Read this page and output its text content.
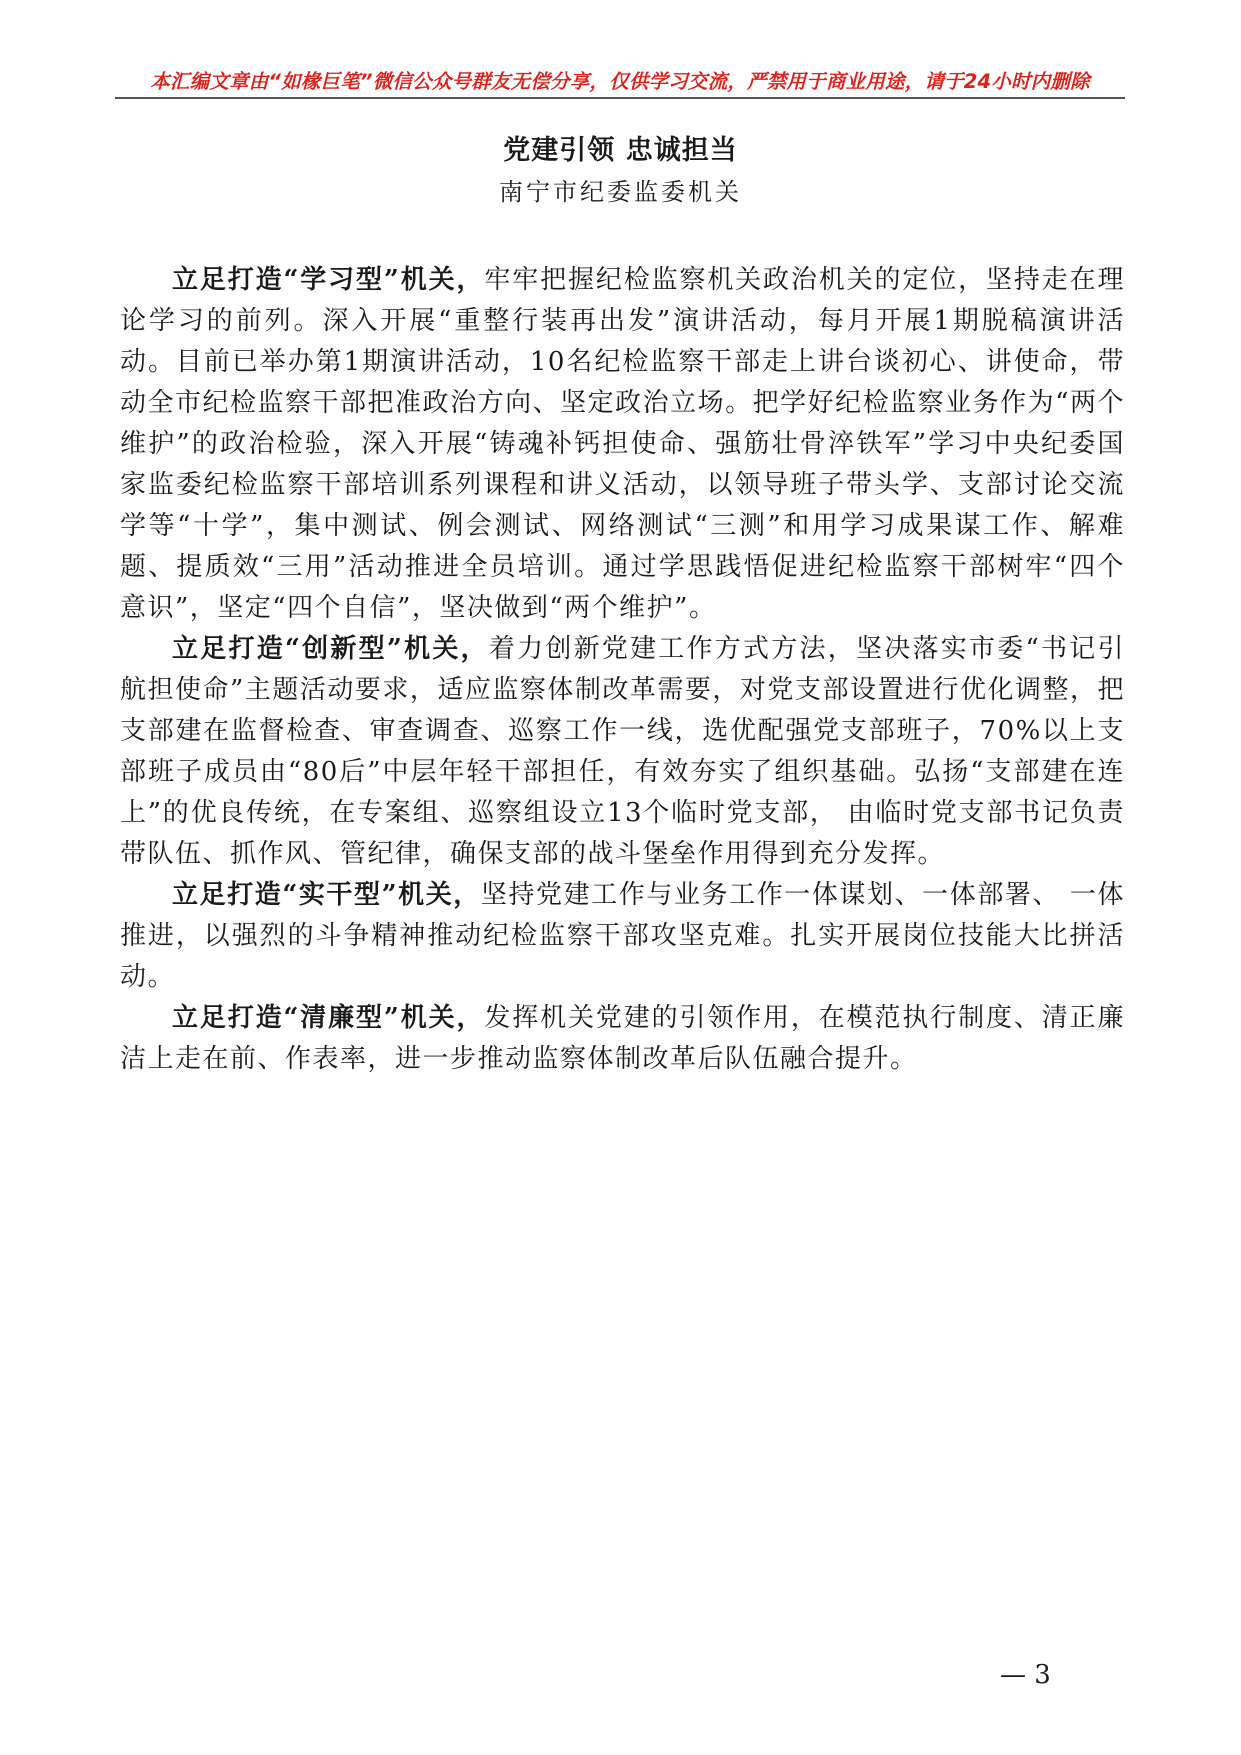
本汇编文章由“如椽巨笔”微信公众号群友无偿分享，仅供学习交流，严禁用于商业用途，请于24小时内删除
党建引领 忠诚担当
南宁市纪委监委机关

立足打造“学习型”机关，牢牢把握纪检监察机关政治机关的定位，坚持走在理论学习的前列。深入开展“重整行装再出发”演讲活动，每月开展1期脱稿演讲活动。目前已举办第1期演讲活动，10名纪检监察干部走上讲台谈初心、讲使命，带动全市纪检监察干部把准政治方向、坚定政治立场。把学好纪检监察业务作为“两个维护”的政治检验，深入开展“铸魂补钙担使命、强筋壮骨淬铁军”学习中央纪委国家监委纪检监察干部培训系列课程和讲义活动，以领导班子带头学、支部讨论交流学等“十学”，集中测试、例会测试、网络测试“三测”和用学习成果谋工作、解难题、提质效“三用”活动推进全员培训。通过学思践悟促进纪检监察干部树牢“四个意识”，坚定“四个自信”，坚决做到“两个维护”。

立足打造“创新型”机关，着力创新党建工作方式方法，坚决落实市委“书记引航担使命”主题活动要求，适应监察体制改革需要，对党支部设置进行优化调整，把支部建在监督检查、审查调查、巡察工作一线，选优配强党支部班子，70%以上支部班子成员由“80后”中层年轻干部担任，有效夯实了组织基础。弘扬“支部建在连上”的优良传统，在专案组、巡察组设立13个临时党支部， 由临时党支部书记负责带队伍、抓作风、管纪律，确保支部的战斗堡垒作用得到充分发挥。

立足打造“实干型”机关，坚持党建工作与业务工作一体谋划、一体部署、 一体推进，以强烈的斗争精神推动纪检监察干部攻坚克难。扎实开展岗位技能大比拼活动。

立足打造“清廉型”机关，发挥机关党建的引领作用，在模范执行制度、清正廉洁上走在前、作表率，进一步推动监察体制改革后队伍融合提升。

— 3
